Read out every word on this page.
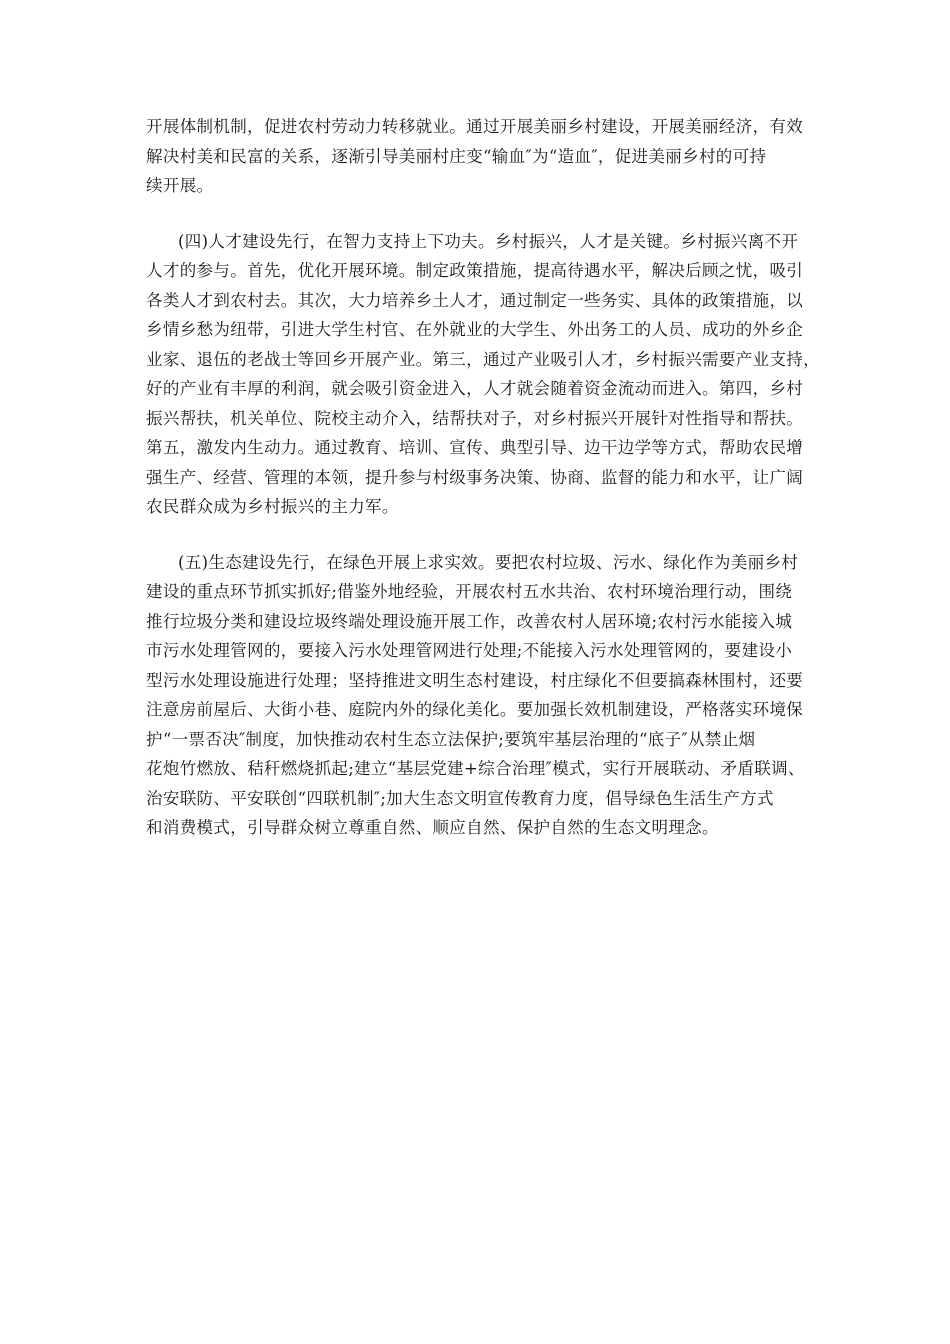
开展体制机制，促进农村劳动力转移就业。通过开展美丽乡村建设，开展美丽经济，有效
解决村美和民富的关系，逐渐引导美丽村庄变“输血″为“造血″，促进美丽乡村的可持
续开展。

(四)人才建设先行，在智力支持上下功夫。乡村振兴，人才是关键。乡村振兴离不开
人才的参与。首先，优化开展环境。制定政策措施，提高待遇水平，解决后顾之忧，吸引
各类人才到农村去。其次，大力培养乡土人才，通过制定一些务实、具体的政策措施，以
乡情乡愁为纽带，引进大学生村官、在外就业的大学生、外出务工的人员、成功的外乡企
业家、退伍的老战士等回乡开展产业。第三，通过产业吸引人才，乡村振兴需要产业支持，
好的产业有丰厚的利润，就会吸引资金进入，人才就会随着资金流动而进入。第四，乡村
振兴帮扶，机关单位、院校主动介入，结帮扶对子，对乡村振兴开展针对性指导和帮扶。
第五，激发内生动力。通过教育、培训、宣传、典型引导、边干边学等方式，帮助农民增
强生产、经营、管理的本领，提升参与村级事务决策、协商、监督的能力和水平，让广阔
农民群众成为乡村振兴的主力军。

(五)生态建设先行，在绿色开展上求实效。要把农村垃圾、污水、绿化作为美丽乡村
建设的重点环节抓实抓好;借鉴外地经验，开展农村五水共治、农村环境治理行动，围绕
推行垃圾分类和建设垃圾终端处理设施开展工作，改善农村人居环境;农村污水能接入城
市污水处理管网的，要接入污水处理管网进行处理;不能接入污水处理管网的，要建设小
型污水处理设施进行处理；坚持推进文明生态村建设，村庄绿化不但要搞森林围村，还要
注意房前屋后、大街小巷、庭院内外的绿化美化。要加强长效机制建设，严格落实环境保
护“一票否决″制度，加快推动农村生态立法保护;要筑牢基层治理的“底子″从禁止烟
花炮竹燃放、秸秆燃烧抓起;建立“基层党建+综合治理″模式，实行开展联动、矛盾联调、
治安联防、平安联创“四联机制″;加大生态文明宣传教育力度，倡导绿色生活生产方式
和消费模式，引导群众树立尊重自然、顺应自然、保护自然的生态文明理念。
